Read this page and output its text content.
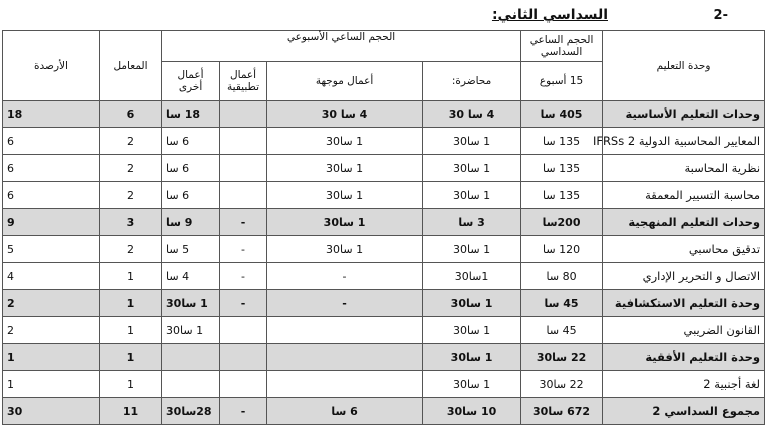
-2
السداسي الثاني:
وحدة التعليم	الحجم الساعي السداسي	الحجم الساعي الأسبوعي				المعامل	الأرصدة
	15 أسبوع	محاضرة:	أعمال موجهة	أعمال تطبيقية	أعمال أخرى		
وحدات التعليم الأساسية	405 سا	4 سا 30	4 سا 30		18 سا	6	18
المعايير المحاسبية الدولية 2 IFRSs	135 سا	1 سا30	1 سا30		6 سا	2	6
نظرية المحاسبة	135 سا	1 سا30	1 سا30		6 سا	2	6
محاسبة التسيير المعمقة	135 سا	1 سا30	1 سا30		6 سا	2	6
وحدات التعليم المنهجية	200سا	3 سا	1 سا30	-	9 سا	3	9
تدقيق محاسبي	120 سا	1 سا30	1 سا30	-	5 سا	2	5
الاتصال و التحرير الإداري	80 سا	1سا30	-	-	4 سا	1	4
وحدة التعليم الاستكشافية	45 سا	1 سا30	-	-	1 سا30	1	2
القانون الضريبي	45 سا	1 سا30			1 سا30	1	2
وحدة التعليم الأفقية	22 سا30	1 سا30				1	1
لغة أجنبية 2	22 سا30	1 سا30				1	1
مجموع السداسي 2	672 سا30	10 سا30	6 سا	-	28سا30	11	30
